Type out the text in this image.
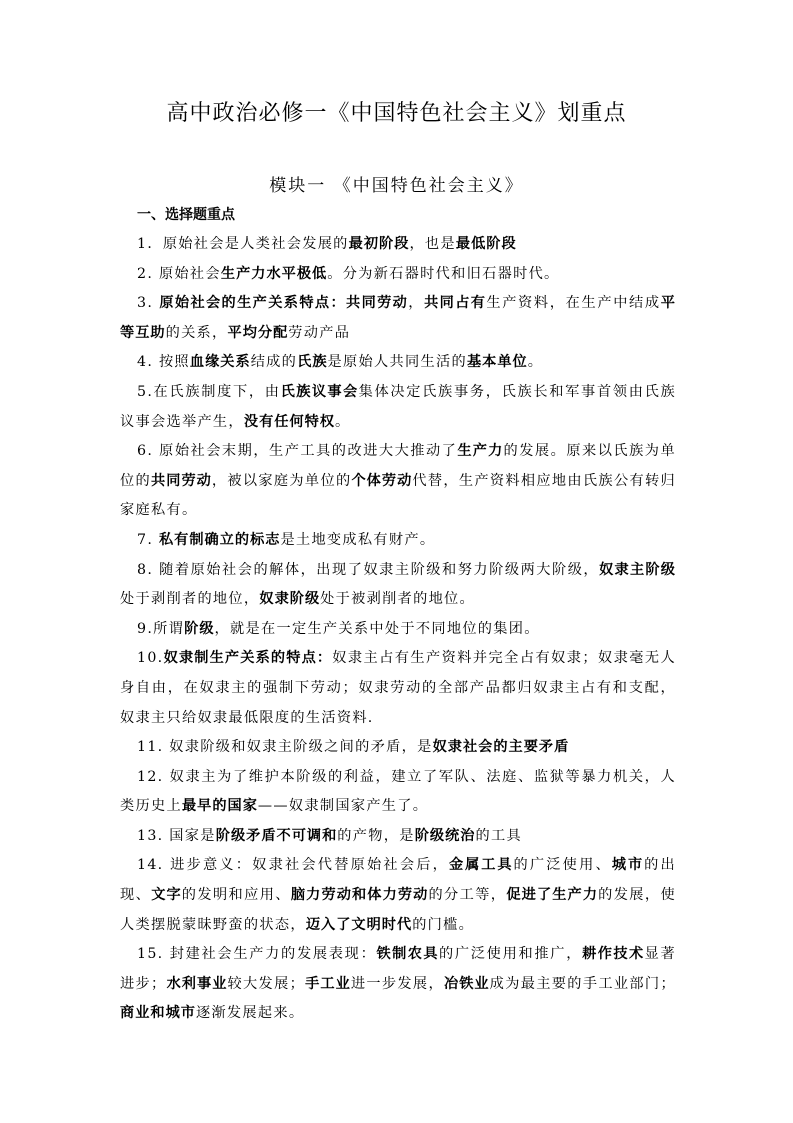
高中政治必修一《中国特色社会主义》划重点
模块一 《中国特色社会主义》
一、选择题重点

1．原始社会是人类社会发展的最初阶段，也是最低阶段

2. 原始社会生产力水平极低。分为新石器时代和旧石器时代。

3. 原始社会的生产关系特点：共同劳动，共同占有生产资料，在生产中结成平等互助的关系，平均分配劳动产品

4. 按照血缘关系结成的氏族是原始人共同生活的基本单位。

5.在氏族制度下，由氏族议事会集体决定氏族事务，氏族长和军事首领由氏族议事会选举产生，没有任何特权。

6. 原始社会末期，生产工具的改进大大推动了生产力的发展。原来以氏族为单位的共同劳动，被以家庭为单位的个体劳动代替，生产资料相应地由氏族公有转归家庭私有。

7. 私有制确立的标志是土地变成私有财产。

8. 随着原始社会的解体，出现了奴隶主阶级和努力阶级两大阶级，奴隶主阶级处于剥削者的地位，奴隶阶级处于被剥削者的地位。

9.所谓阶级，就是在一定生产关系中处于不同地位的集团。

10.奴隶制生产关系的特点：奴隶主占有生产资料并完全占有奴隶；奴隶毫无人身自由，在奴隶主的强制下劳动；奴隶劳动的全部产品都归奴隶主占有和支配，奴隶主只给奴隶最低限度的生活资料.

11. 奴隶阶级和奴隶主阶级之间的矛盾，是奴隶社会的主要矛盾

12. 奴隶主为了维护本阶级的利益，建立了军队、法庭、监狱等暴力机关，人类历史上最早的国家——奴隶制国家产生了。

13. 国家是阶级矛盾不可调和的产物，是阶级统治的工具

14. 进步意义：奴隶社会代替原始社会后，金属工具的广泛使用、城市的出现、文字的发明和应用、脑力劳动和体力劳动的分工等，促进了生产力的发展，使人类摆脱蒙昧野蛮的状态，迈入了文明时代的门槛。

15. 封建社会生产力的发展表现：铁制农具的广泛使用和推广，耕作技术显著进步；水利事业较大发展；手工业进一步发展，冶铁业成为最主要的手工业部门；商业和城市逐渐发展起来。
